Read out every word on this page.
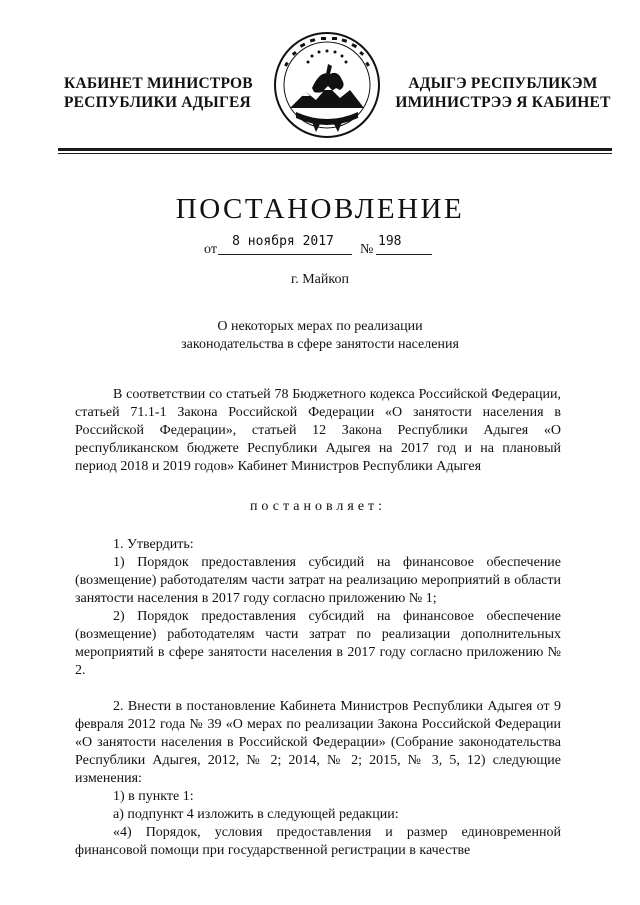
КАБИНЕТ МИНИСТРОВ
РЕСПУБЛИКИ АДЫГЕЯ
АДЫГЭ РЕСПУБЛИКЭМ
ИМИНИСТРЭЭ Я КАБИНЕТ
ПОСТАНОВЛЕНИЕ
от
8 ноября 2017
№
198
г. Майкоп
О некоторых мерах по реализации
законодательства в сфере занятости населения

В соответствии со статьей 78 Бюджетного кодекса Российской Федерации, статьей 71.1-1 Закона Российской Федерации «О занятости населения в Российской Федерации», статьей 12 Закона Республики Адыгея «О республиканском бюджете Республики Адыгея на 2017 год и на плановый период 2018 и 2019 годов» Кабинет Министров Республики Адыгея

постановляет:

1. Утвердить:

1) Порядок предоставления субсидий на финансовое обеспечение (возмещение) работодателям части затрат на реализацию мероприятий в области занятости населения в 2017 году согласно приложению № 1;

2) Порядок предоставления субсидий на финансовое обеспечение (возмещение) работодателям части затрат по реализации дополнительных мероприятий в сфере занятости населения в 2017 году согласно приложению № 2.

2. Внести в постановление Кабинета Министров Республики Адыгея от 9 февраля 2012 года № 39 «О мерах по реализации Закона Российской Федерации «О занятости населения в Российской Федерации» (Собрание законодательства Республики Адыгея, 2012, № 2; 2014, № 2; 2015, № 3, 5, 12) следующие изменения:

1) в пункте 1:

а) подпункт 4 изложить в следующей редакции:

«4) Порядок, условия предоставления и размер единовременной финансовой помощи при государственной регистрации в качестве
